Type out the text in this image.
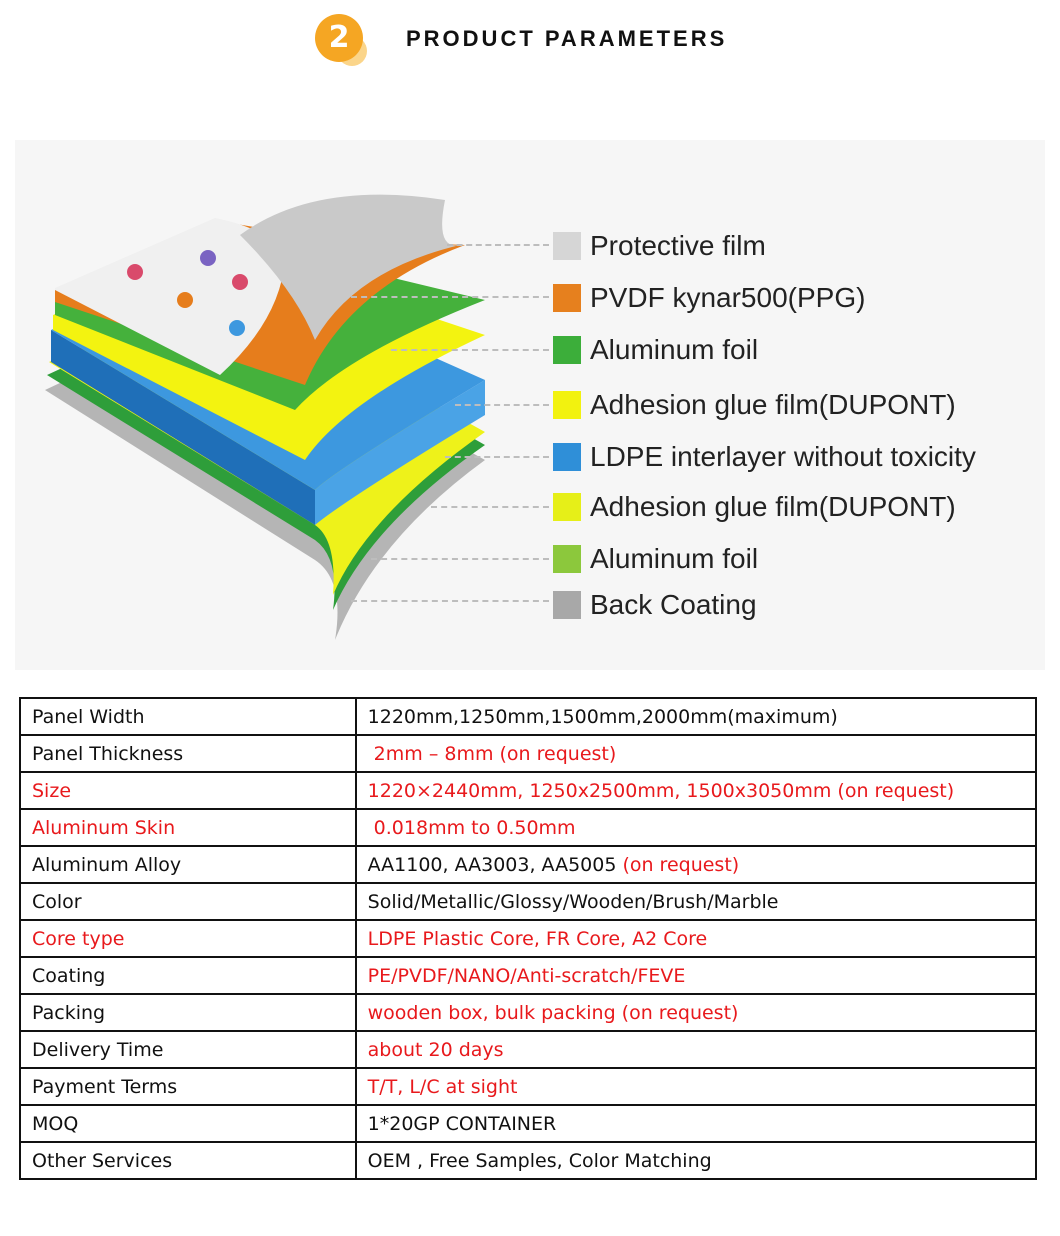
2	PRODUCT PARAMETERS
Protective film
PVDF kynar500(PPG)
Aluminum foil
Adhesion glue film(DUPONT)
LDPE interlayer without toxicity
Adhesion glue film(DUPONT)
Aluminum foil
Back Coating
Panel Width	1220mm,1250mm,1500mm,2000mm(maximum)
Panel Thickness	2mm – 8mm (on request)
Size	1220×2440mm, 1250x2500mm, 1500x3050mm (on request)
Aluminum Skin	0.018mm to 0.50mm
Aluminum Alloy	AA1100, AA3003, AA5005 (on request)
Color	Solid/Metallic/Glossy/Wooden/Brush/Marble
Core type	LDPE Plastic Core, FR Core, A2 Core
Coating	PE/PVDF/NANO/Anti-scratch/FEVE
Packing	wooden box, bulk packing (on request)
Delivery Time	about 20 days
Payment Terms	T/T, L/C at sight
MOQ	1*20GP CONTAINER
Other Services	OEM , Free Samples, Color Matching
